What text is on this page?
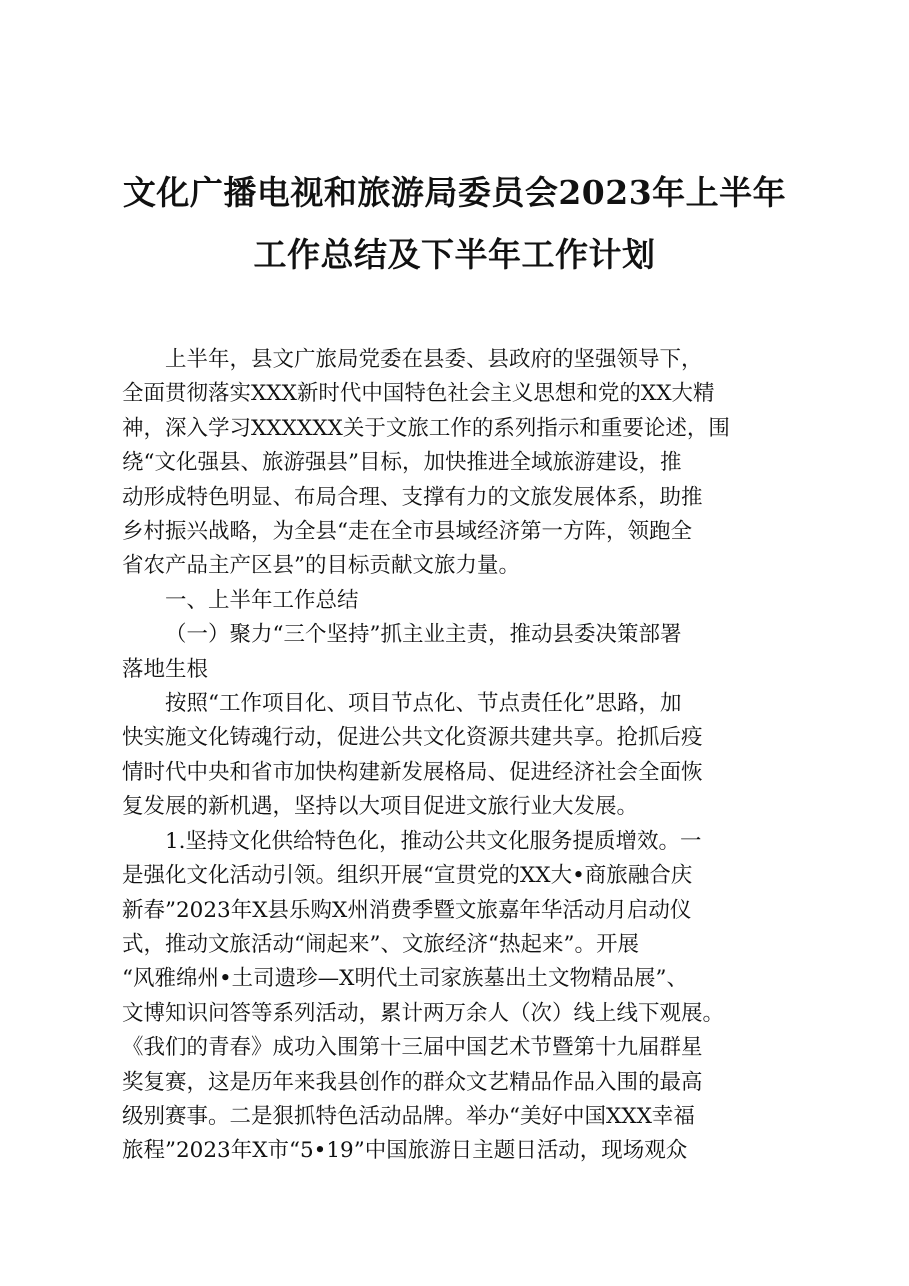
文化广播电视和旅游局委员会2023年上半年
工作总结及下半年工作计划
上半年，县文广旅局党委在县委、县政府的坚强领导下，
全面贯彻落实XXX新时代中国特色社会主义思想和党的XX大精
神，深入学习XXXXXX关于文旅工作的系列指示和重要论述，围
绕“文化强县、旅游强县”目标，加快推进全域旅游建设，推
动形成特色明显、布局合理、支撑有力的文旅发展体系，助推
乡村振兴战略，为全县“走在全市县域经济第一方阵，领跑全
省农产品主产区县”的目标贡献文旅力量。
一、上半年工作总结
（一）聚力“三个坚持”抓主业主责，推动县委决策部署
落地生根
按照“工作项目化、项目节点化、节点责任化”思路，加
快实施文化铸魂行动，促进公共文化资源共建共享。抢抓后疫
情时代中央和省市加快构建新发展格局、促进经济社会全面恢
复发展的新机遇，坚持以大项目促进文旅行业大发展。
1.坚持文化供给特色化，推动公共文化服务提质增效。一
是强化文化活动引领。组织开展“宣贯党的XX大•商旅融合庆
新春”2023年X县乐购X州消费季暨文旅嘉年华活动月启动仪
式，推动文旅活动“闹起来”、文旅经济“热起来”。开展
“风雅绵州•土司遗珍—X明代土司家族墓出土文物精品展”、
文博知识问答等系列活动，累计两万余人（次）线上线下观展。
《我们的青春》成功入围第十三届中国艺术节暨第十九届群星
奖复赛，这是历年来我县创作的群众文艺精品作品入围的最高
级别赛事。二是狠抓特色活动品牌。举办“美好中国XXX幸福
旅程”2023年X市“5•19”中国旅游日主题日活动，现场观众
